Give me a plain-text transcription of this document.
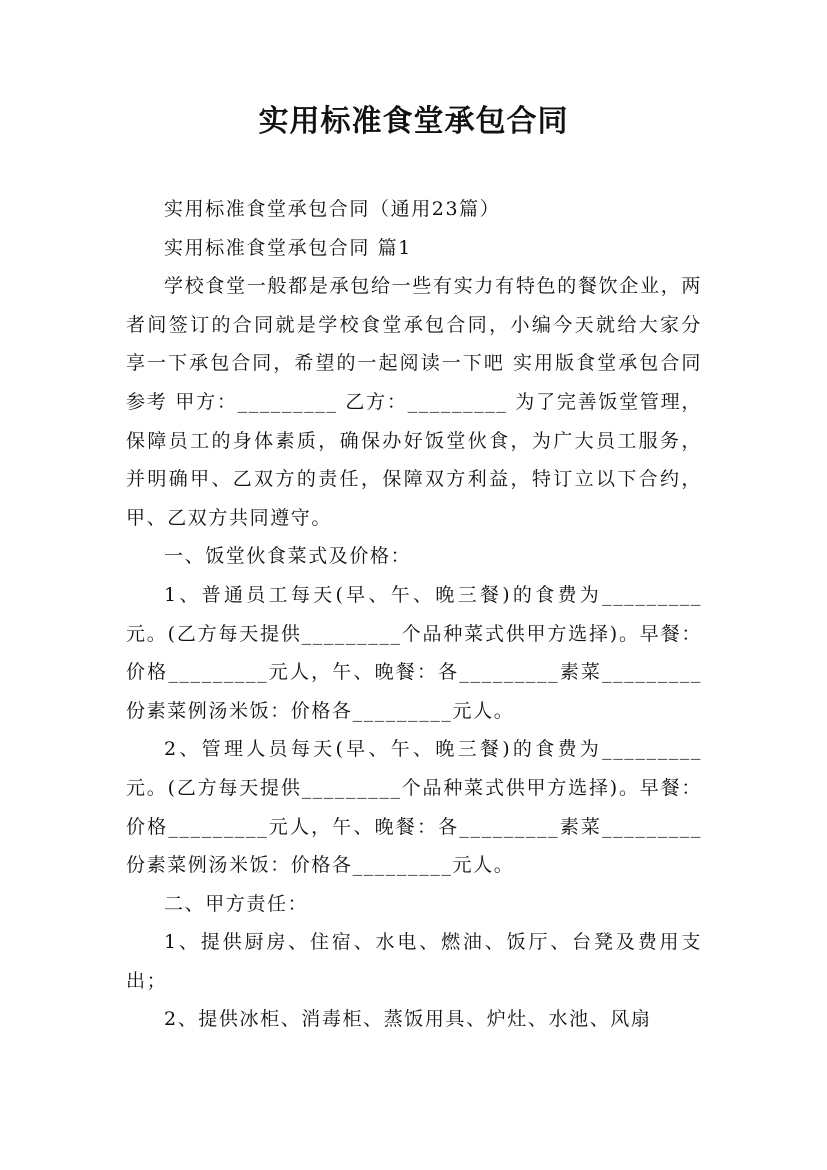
实用标准食堂承包合同

实用标准食堂承包合同（通用23篇）

实用标准食堂承包合同 篇1

学校食堂一般都是承包给一些有实力有特色的餐饮企业，两者间签订的合同就是学校食堂承包合同，小编今天就给大家分享一下承包合同，希望的一起阅读一下吧 实用版食堂承包合同参考 甲方：_________ 乙方：_________ 为了完善饭堂管理，保障员工的身体素质，确保办好饭堂伙食，为广大员工服务，并明确甲、乙双方的责任，保障双方利益，特订立以下合约，甲、乙双方共同遵守。

一、饭堂伙食菜式及价格：

1、普通员工每天(早、午、晚三餐)的食费为_________元。(乙方每天提供_________个品种菜式供甲方选择)。早餐：价格_________元人，午、晚餐：各_________素菜_________份素菜例汤米饭：价格各_________元人。

2、管理人员每天(早、午、晚三餐)的食费为_________元。(乙方每天提供_________个品种菜式供甲方选择)。早餐：价格_________元人，午、晚餐：各_________素菜_________份素菜例汤米饭：价格各_________元人。

二、甲方责任：

1、提供厨房、住宿、水电、燃油、饭厅、台凳及费用支出；

2、提供冰柜、消毒柜、蒸饭用具、炉灶、水池、风扇
